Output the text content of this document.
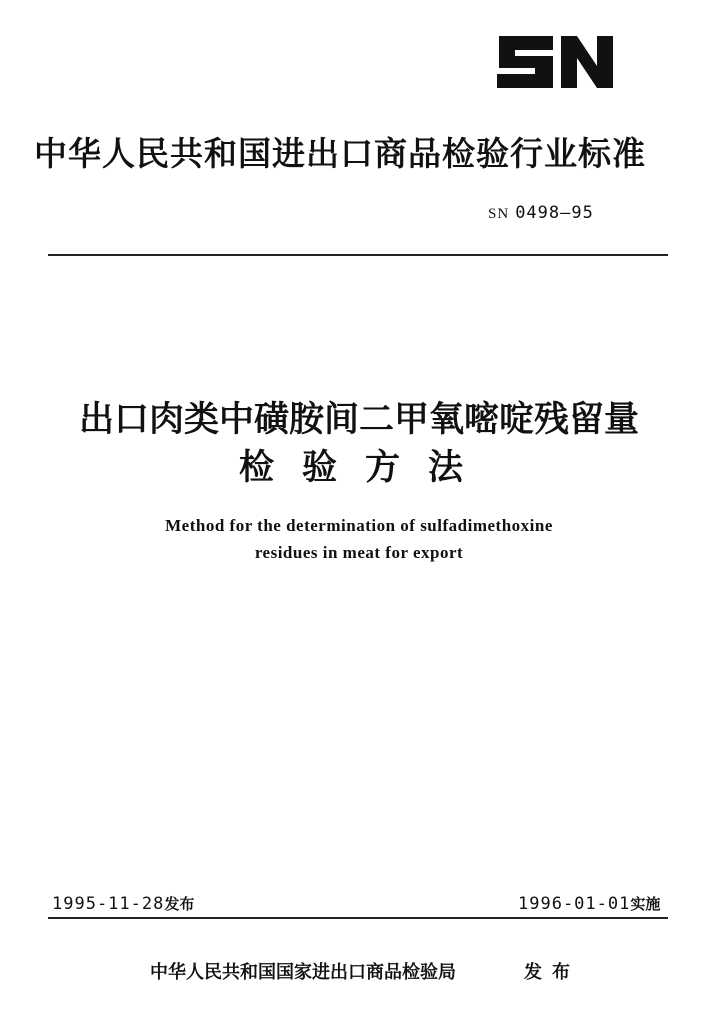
中华人民共和国进出口商品检验行业标准
SN 0498—95
出口肉类中磺胺间二甲氧嘧啶残留量
检验方法
Method for the determination of sulfadimethoxine
residues in meat for export
1995-11-28发布	1996-01-01实施
中华人民共和国国家进出口商品检验局	发布
